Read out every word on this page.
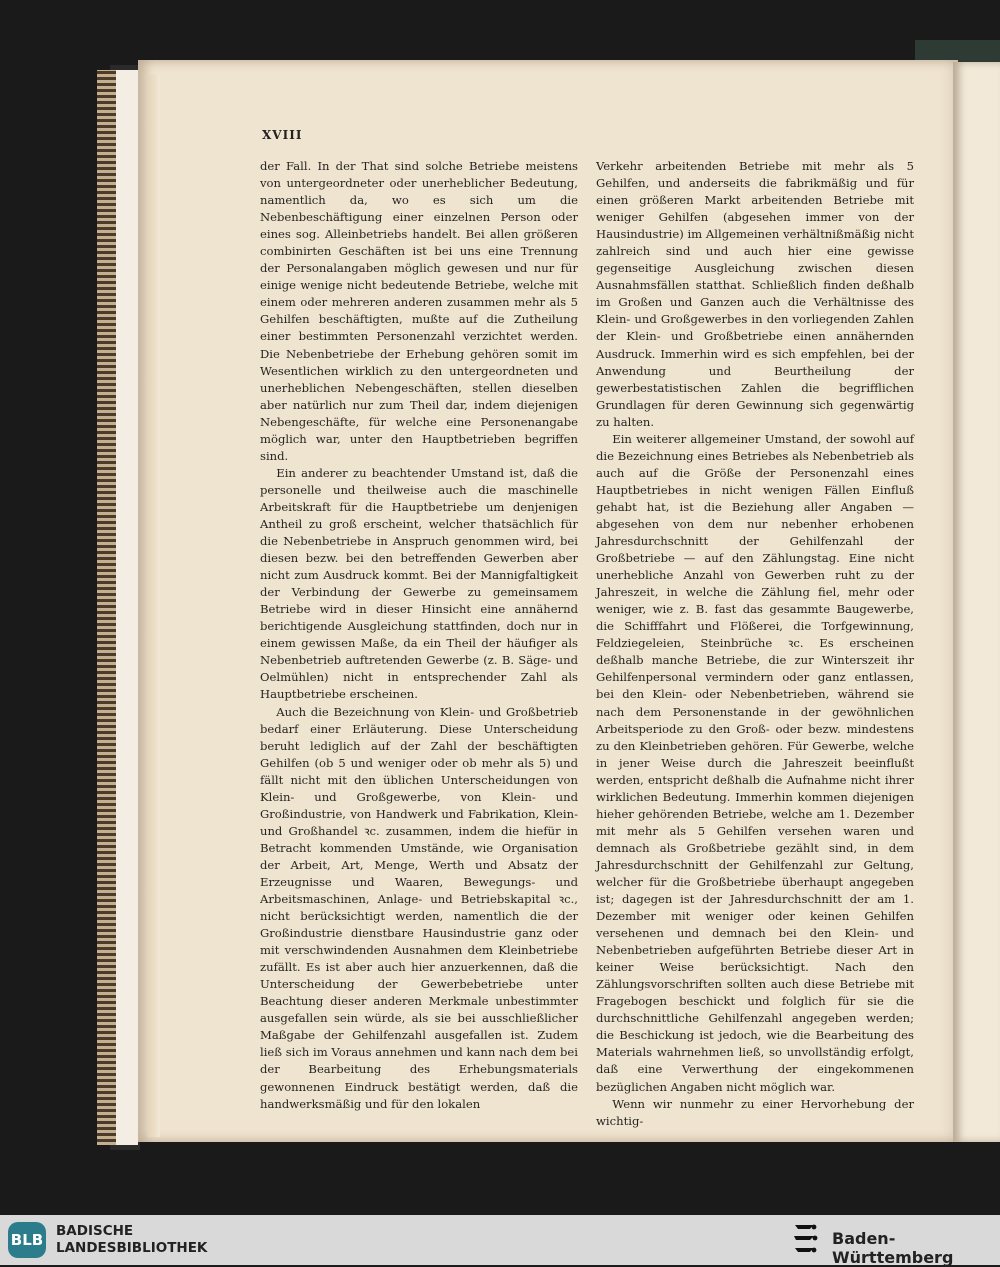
XVIII

der Fall. In der That sind solche Betriebe meistens von untergeordneter oder unerheblicher Bedeutung, namentlich da, wo es sich um die Nebenbeschäftigung einer einzelnen Person oder eines sog. Alleinbetriebs handelt. Bei allen größeren combinirten Geschäften ist bei uns eine Trennung der Personalangaben möglich gewesen und nur für einige wenige nicht bedeutende Betriebe, welche mit einem oder mehreren anderen zusammen mehr als 5 Gehilfen beschäftigten, mußte auf die Zutheilung einer bestimmten Personenzahl verzichtet werden. Die Nebenbetriebe der Erhebung gehören somit im Wesentlichen wirklich zu den untergeordneten und unerheblichen Nebengeschäften, stellen dieselben aber natürlich nur zum Theil dar, indem diejenigen Nebengeschäfte, für welche eine Personenangabe möglich war, unter den Hauptbetrieben begriffen sind.

Ein anderer zu beachtender Umstand ist, daß die personelle und theilweise auch die maschinelle Arbeitskraft für die Hauptbetriebe um denjenigen Antheil zu groß erscheint, welcher thatsächlich für die Nebenbetriebe in Anspruch genommen wird, bei diesen bezw. bei den betreffenden Gewerben aber nicht zum Ausdruck kommt. Bei der Mannigfaltigkeit der Verbindung der Gewerbe zu gemeinsamem Betriebe wird in dieser Hinsicht eine annähernd berichtigende Ausgleichung stattfinden, doch nur in einem gewissen Maße, da ein Theil der häufiger als Nebenbetrieb auftretenden Gewerbe (z. B. Säge- und Oelmühlen) nicht in entsprechender Zahl als Hauptbetriebe erscheinen.

Auch die Bezeichnung von Klein- und Großbetrieb bedarf einer Erläuterung. Diese Unterscheidung beruht lediglich auf der Zahl der beschäftigten Gehilfen (ob 5 und weniger oder ob mehr als 5) und fällt nicht mit den üblichen Unterscheidungen von Klein- und Großgewerbe, von Klein- und Großindustrie, von Handwerk und Fabrikation, Klein- und Großhandel ꝛc. zusammen, indem die hiefür in Betracht kommenden Umstände, wie Organisation der Arbeit, Art, Menge, Werth und Absatz der Erzeugnisse und Waaren, Bewegungs- und Arbeitsmaschinen, Anlage- und Betriebskapital ꝛc., nicht berücksichtigt werden, namentlich die der Großindustrie dienstbare Hausindustrie ganz oder mit verschwindenden Ausnahmen dem Kleinbetriebe zufällt. Es ist aber auch hier anzuerkennen, daß die Unterscheidung der Gewerbebetriebe unter Beachtung dieser anderen Merkmale unbestimmter ausgefallen sein würde, als sie bei ausschließlicher Maßgabe der Gehilfenzahl ausgefallen ist. Zudem ließ sich im Voraus annehmen und kann nach dem bei der Bearbeitung des Erhebungsmaterials gewonnenen Eindruck bestätigt werden, daß die handwerksmäßig und für den lokalen

Verkehr arbeitenden Betriebe mit mehr als 5 Gehilfen, und anderseits die fabrikmäßig und für einen größeren Markt arbeitenden Betriebe mit weniger Gehilfen (abgesehen immer von der Hausindustrie) im Allgemeinen verhältnißmäßig nicht zahlreich sind und auch hier eine gewisse gegenseitige Ausgleichung zwischen diesen Ausnahmsfällen statthat. Schließlich finden deßhalb im Großen und Ganzen auch die Verhältnisse des Klein- und Großgewerbes in den vorliegenden Zahlen der Klein- und Großbetriebe einen annähernden Ausdruck. Immerhin wird es sich empfehlen, bei der Anwendung und Beurtheilung der gewerbestatistischen Zahlen die begrifflichen Grundlagen für deren Gewinnung sich gegenwärtig zu halten.

Ein weiterer allgemeiner Umstand, der sowohl auf die Bezeichnung eines Betriebes als Nebenbetrieb als auch auf die Größe der Personenzahl eines Hauptbetriebes in nicht wenigen Fällen Einfluß gehabt hat, ist die Beziehung aller Angaben — abgesehen von dem nur nebenher erhobenen Jahresdurchschnitt der Gehilfenzahl der Großbetriebe — auf den Zählungstag. Eine nicht unerhebliche Anzahl von Gewerben ruht zu der Jahreszeit, in welche die Zählung fiel, mehr oder weniger, wie z. B. fast das gesammte Baugewerbe, die Schifffahrt und Flößerei, die Torfgewinnung, Feldziegeleien, Steinbrüche ꝛc. Es erscheinen deßhalb manche Betriebe, die zur Winterszeit ihr Gehilfenpersonal vermindern oder ganz entlassen, bei den Klein- oder Nebenbetrieben, während sie nach dem Personenstande in der gewöhnlichen Arbeitsperiode zu den Groß- oder bezw. mindestens zu den Kleinbetrieben gehören. Für Gewerbe, welche in jener Weise durch die Jahreszeit beeinflußt werden, entspricht deßhalb die Aufnahme nicht ihrer wirklichen Bedeutung. Immerhin kommen diejenigen hieher gehörenden Betriebe, welche am 1. Dezember mit mehr als 5 Gehilfen versehen waren und demnach als Großbetriebe gezählt sind, in dem Jahresdurchschnitt der Gehilfenzahl zur Geltung, welcher für die Großbetriebe überhaupt angegeben ist; dagegen ist der Jahresdurchschnitt der am 1. Dezember mit weniger oder keinen Gehilfen versehenen und demnach bei den Klein- und Nebenbetrieben aufgeführten Betriebe dieser Art in keiner Weise berücksichtigt. Nach den Zählungsvorschriften sollten auch diese Betriebe mit Fragebogen beschickt und folglich für sie die durchschnittliche Gehilfenzahl angegeben werden; die Beschickung ist jedoch, wie die Bearbeitung des Materials wahrnehmen ließ, so unvollständig erfolgt, daß eine Verwerthung der eingekommenen bezüglichen Angaben nicht möglich war.

Wenn wir nunmehr zu einer Hervorhebung der wichtig-

BLB BADISCHE
LANDESBIBLIOTHEK	Baden-Württemberg
